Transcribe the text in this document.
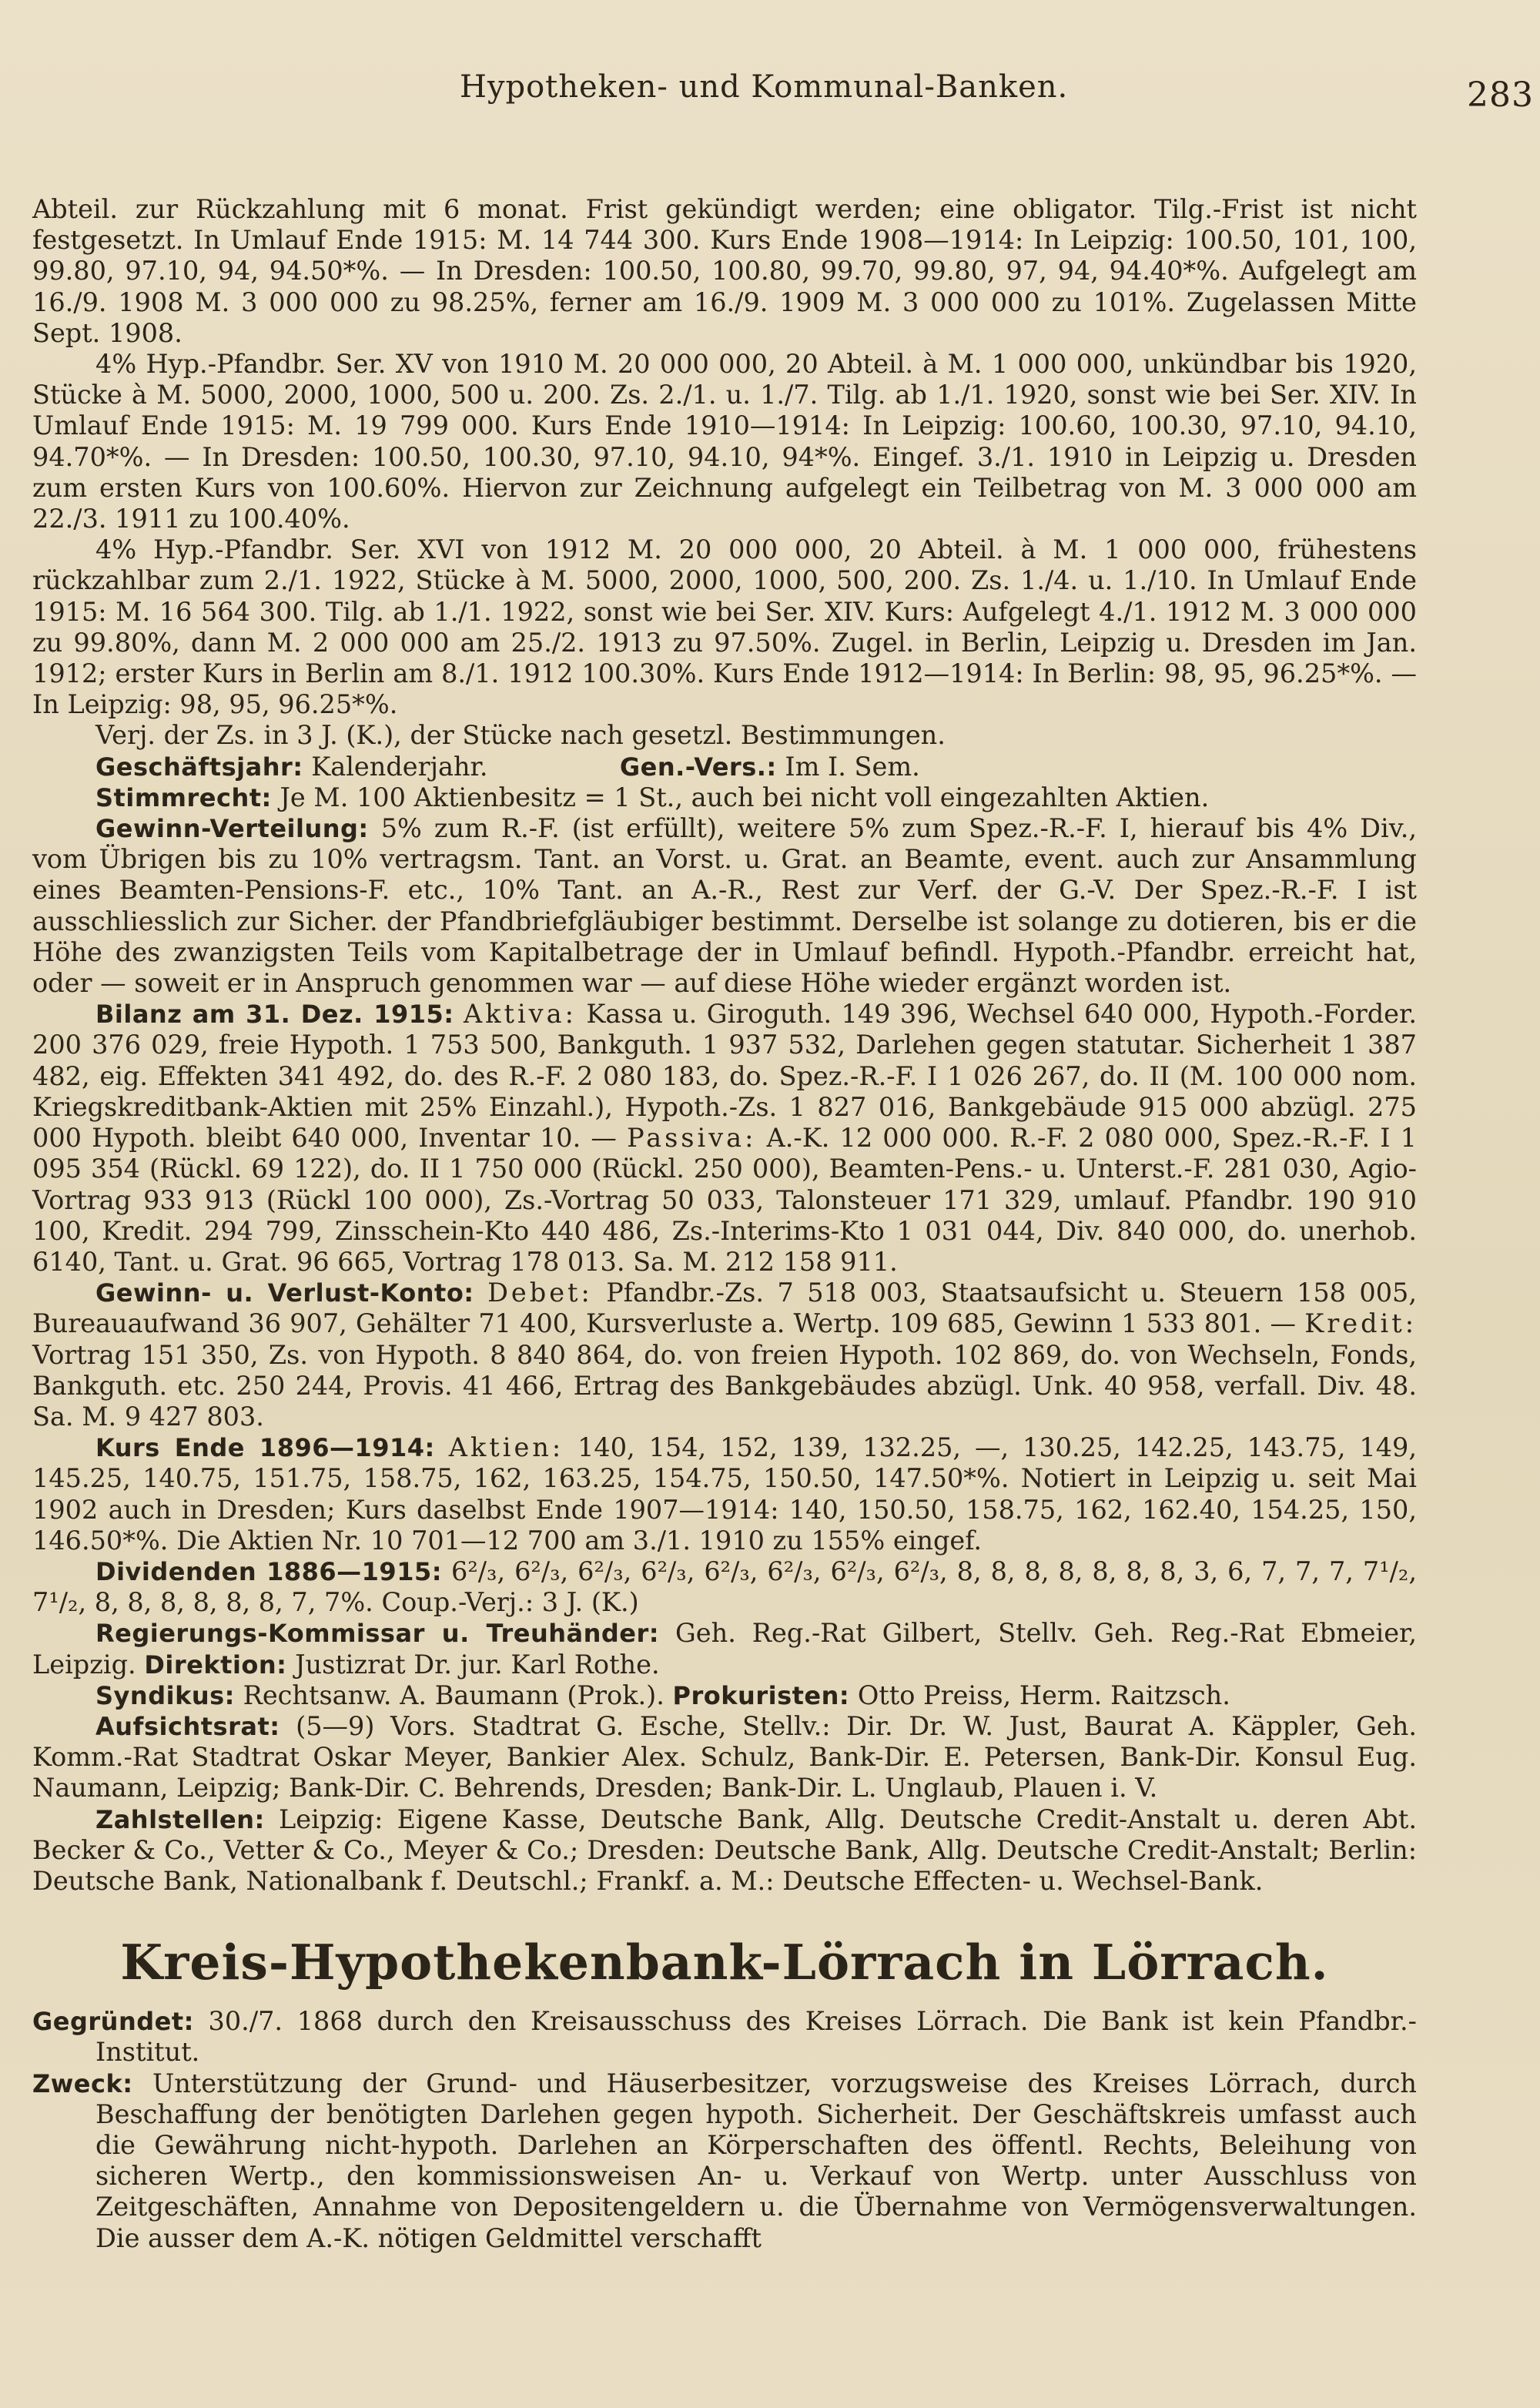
Hypotheken- und Kommunal-Banken.	283

Abteil. zur Rückzahlung mit 6 monat. Frist gekündigt werden; eine obligator. Tilg.-Frist ist nicht festgesetzt. In Umlauf Ende 1915: M. 14 744 300. Kurs Ende 1908—1914: In Leipzig: 100.50, 101, 100, 99.80, 97.10, 94, 94.50*%. — In Dresden: 100.50, 100.80, 99.70, 99.80, 97, 94, 94.40*%. Aufgelegt am 16./9. 1908 M. 3 000 000 zu 98.25%, ferner am 16./9. 1909 M. 3 000 000 zu 101%. Zugelassen Mitte Sept. 1908.

4% Hyp.-Pfandbr. Ser. XV von 1910 M. 20 000 000, 20 Abteil. à M. 1 000 000, unkündbar bis 1920, Stücke à M. 5000, 2000, 1000, 500 u. 200. Zs. 2./1. u. 1./7. Tilg. ab 1./1. 1920, sonst wie bei Ser. XIV. In Umlauf Ende 1915: M. 19 799 000. Kurs Ende 1910—1914: In Leipzig: 100.60, 100.30, 97.10, 94.10, 94.70*%. — In Dresden: 100.50, 100.30, 97.10, 94.10, 94*%. Eingef. 3./1. 1910 in Leipzig u. Dresden zum ersten Kurs von 100.60%. Hiervon zur Zeichnung aufgelegt ein Teilbetrag von M. 3 000 000 am 22./3. 1911 zu 100.40%.

4% Hyp.-Pfandbr. Ser. XVI von 1912 M. 20 000 000, 20 Abteil. à M. 1 000 000, frühestens rückzahlbar zum 2./1. 1922, Stücke à M. 5000, 2000, 1000, 500, 200. Zs. 1./4. u. 1./10. In Umlauf Ende 1915: M. 16 564 300. Tilg. ab 1./1. 1922, sonst wie bei Ser. XIV. Kurs: Aufgelegt 4./1. 1912 M. 3 000 000 zu 99.80%, dann M. 2 000 000 am 25./2. 1913 zu 97.50%. Zugel. in Berlin, Leipzig u. Dresden im Jan. 1912; erster Kurs in Berlin am 8./1. 1912 100.30%. Kurs Ende 1912—1914: In Berlin: 98, 95, 96.25*%. — In Leipzig: 98, 95, 96.25*%.

Verj. der Zs. in 3 J. (K.), der Stücke nach gesetzl. Bestimmungen.

Geschäftsjahr: Kalenderjahr.	Gen.-Vers.: Im I. Sem.

Stimmrecht: Je M. 100 Aktienbesitz = 1 St., auch bei nicht voll eingezahlten Aktien.

Gewinn-Verteilung: 5% zum R.-F. (ist erfüllt), weitere 5% zum Spez.-R.-F. I, hierauf bis 4% Div., vom Übrigen bis zu 10% vertragsm. Tant. an Vorst. u. Grat. an Beamte, event. auch zur Ansammlung eines Beamten-Pensions-F. etc., 10% Tant. an A.-R., Rest zur Verf. der G.-V. Der Spez.-R.-F. I ist ausschliesslich zur Sicher. der Pfandbriefgläubiger bestimmt. Derselbe ist solange zu dotieren, bis er die Höhe des zwanzigsten Teils vom Kapitalbetrage der in Umlauf befindl. Hypoth.-Pfandbr. erreicht hat, oder — soweit er in Anspruch genommen war — auf diese Höhe wieder ergänzt worden ist.

Bilanz am 31. Dez. 1915: Aktiva: Kassa u. Giroguth. 149 396, Wechsel 640 000, Hypoth.-Forder. 200 376 029, freie Hypoth. 1 753 500, Bankguth. 1 937 532, Darlehen gegen statutar. Sicherheit 1 387 482, eig. Effekten 341 492, do. des R.-F. 2 080 183, do. Spez.-R.-F. I 1 026 267, do. II (M. 100 000 nom. Kriegskreditbank-Aktien mit 25% Einzahl.), Hypoth.-Zs. 1 827 016, Bankgebäude 915 000 abzügl. 275 000 Hypoth. bleibt 640 000, Inventar 10. — Passiva: A.-K. 12 000 000. R.-F. 2 080 000, Spez.-R.-F. I 1 095 354 (Rückl. 69 122), do. II 1 750 000 (Rückl. 250 000), Beamten-Pens.- u. Unterst.-F. 281 030, Agio-Vortrag 933 913 (Rückl 100 000), Zs.-Vortrag 50 033, Talonsteuer 171 329, umlauf. Pfandbr. 190 910 100, Kredit. 294 799, Zinsschein-Kto 440 486, Zs.-Interims-Kto 1 031 044, Div. 840 000, do. unerhob. 6140, Tant. u. Grat. 96 665, Vortrag 178 013. Sa. M. 212 158 911.

Gewinn- u. Verlust-Konto: Debet: Pfandbr.-Zs. 7 518 003, Staatsaufsicht u. Steuern 158 005, Bureauaufwand 36 907, Gehälter 71 400, Kursverluste a. Wertp. 109 685, Gewinn 1 533 801. — Kredit: Vortrag 151 350, Zs. von Hypoth. 8 840 864, do. von freien Hypoth. 102 869, do. von Wechseln, Fonds, Bankguth. etc. 250 244, Provis. 41 466, Ertrag des Bankgebäudes abzügl. Unk. 40 958, verfall. Div. 48. Sa. M. 9 427 803.

Kurs Ende 1896—1914: Aktien: 140, 154, 152, 139, 132.25, —, 130.25, 142.25, 143.75, 149, 145.25, 140.75, 151.75, 158.75, 162, 163.25, 154.75, 150.50, 147.50*%. Notiert in Leipzig u. seit Mai 1902 auch in Dresden; Kurs daselbst Ende 1907—1914: 140, 150.50, 158.75, 162, 162.40, 154.25, 150, 146.50*%. Die Aktien Nr. 10 701—12 700 am 3./1. 1910 zu 155% eingef.

Dividenden 1886—1915: 6²/₃, 6²/₃, 6²/₃, 6²/₃, 6²/₃, 6²/₃, 6²/₃, 6²/₃, 8, 8, 8, 8, 8, 8, 8, 3, 6, 7, 7, 7, 7¹/₂, 7¹/₂, 8, 8, 8, 8, 8, 8, 7, 7%. Coup.-Verj.: 3 J. (K.)

Regierungs-Kommissar u. Treuhänder: Geh. Reg.-Rat Gilbert, Stellv. Geh. Reg.-Rat Ebmeier, Leipzig. Direktion: Justizrat Dr. jur. Karl Rothe.

Syndikus: Rechtsanw. A. Baumann (Prok.). Prokuristen: Otto Preiss, Herm. Raitzsch.

Aufsichtsrat: (5—9) Vors. Stadtrat G. Esche, Stellv.: Dir. Dr. W. Just, Baurat A. Käppler, Geh. Komm.-Rat Stadtrat Oskar Meyer, Bankier Alex. Schulz, Bank-Dir. E. Petersen, Bank-Dir. Konsul Eug. Naumann, Leipzig; Bank-Dir. C. Behrends, Dresden; Bank-Dir. L. Unglaub, Plauen i. V.

Zahlstellen: Leipzig: Eigene Kasse, Deutsche Bank, Allg. Deutsche Credit-Anstalt u. deren Abt. Becker & Co., Vetter & Co., Meyer & Co.; Dresden: Deutsche Bank, Allg. Deutsche Credit-Anstalt; Berlin: Deutsche Bank, Nationalbank f. Deutschl.; Frankf. a. M.: Deutsche Effecten- u. Wechsel-Bank.

Kreis-Hypothekenbank-Lörrach in Lörrach.

Gegründet: 30./7. 1868 durch den Kreisausschuss des Kreises Lörrach. Die Bank ist kein Pfandbr.-Institut.

Zweck: Unterstützung der Grund- und Häuserbesitzer, vorzugsweise des Kreises Lörrach, durch Beschaffung der benötigten Darlehen gegen hypoth. Sicherheit. Der Geschäftskreis umfasst auch die Gewährung nicht-hypoth. Darlehen an Körperschaften des öffentl. Rechts, Beleihung von sicheren Wertp., den kommissionsweisen An- u. Verkauf von Wertp. unter Ausschluss von Zeitgeschäften, Annahme von Depositengeldern u. die Übernahme von Vermögensverwaltungen. Die ausser dem A.-K. nötigen Geldmittel verschafft
